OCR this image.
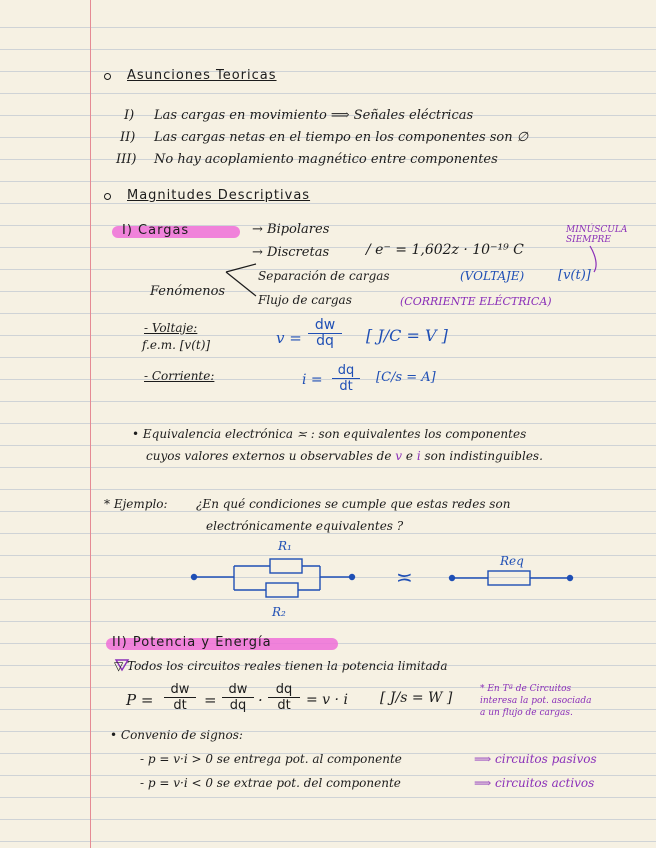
Asunciones Teoricas
I) Las cargas en movimiento ⟹ Señales eléctricas
II) Las cargas netas en el tiempo en los componentes son ∅
III) No hay acoplamiento magnético entre componentes
Magnitudes Descriptivas
I) Cargas	→ Bipolares
→ Discretas	/ e⁻ = 1,602z · 10⁻¹⁹ C
MINÚSCULA SIEMPRE
Fenómenos
Separación de cargas	(VOLTAJE)	[v(t)]
Flujo de cargas	(CORRIENTE ELÉCTRICA)
- Voltaje:
f.e.m. [v(t)]	$v = \frac{dw}{dq}$ [ J/C = V ]
- Corriente:	$i = \frac{dq}{dt} [C/s = A]$
• Equivalencia electrónica ≍ : son equivalentes los componentes
cuyos valores externos u observables de v e i son indistinguibles.
* Ejemplo: ¿En qué condiciones se cumple que estas redes son
electrónicamente equivalentes ?
R₁
R₂
Req
≍
II) Potencia y Energía
▽ Todos los circuitos reales tienen la potencia limitada
$P = \frac{dw}{dt} = \frac{dw}{dq} \cdot \frac{dq}{dt} = v \cdot i$ [ J/s = W ]
* En Tª de Circuitos
interesa la pot. asociada
a un flujo de cargas.
• Convenio de signos:
- p = v·i > 0 se entrega pot. al componente	⟹ circuitos pasivos
- p = v·i < 0 se extrae pot. del componente	⟹ circuitos activos
